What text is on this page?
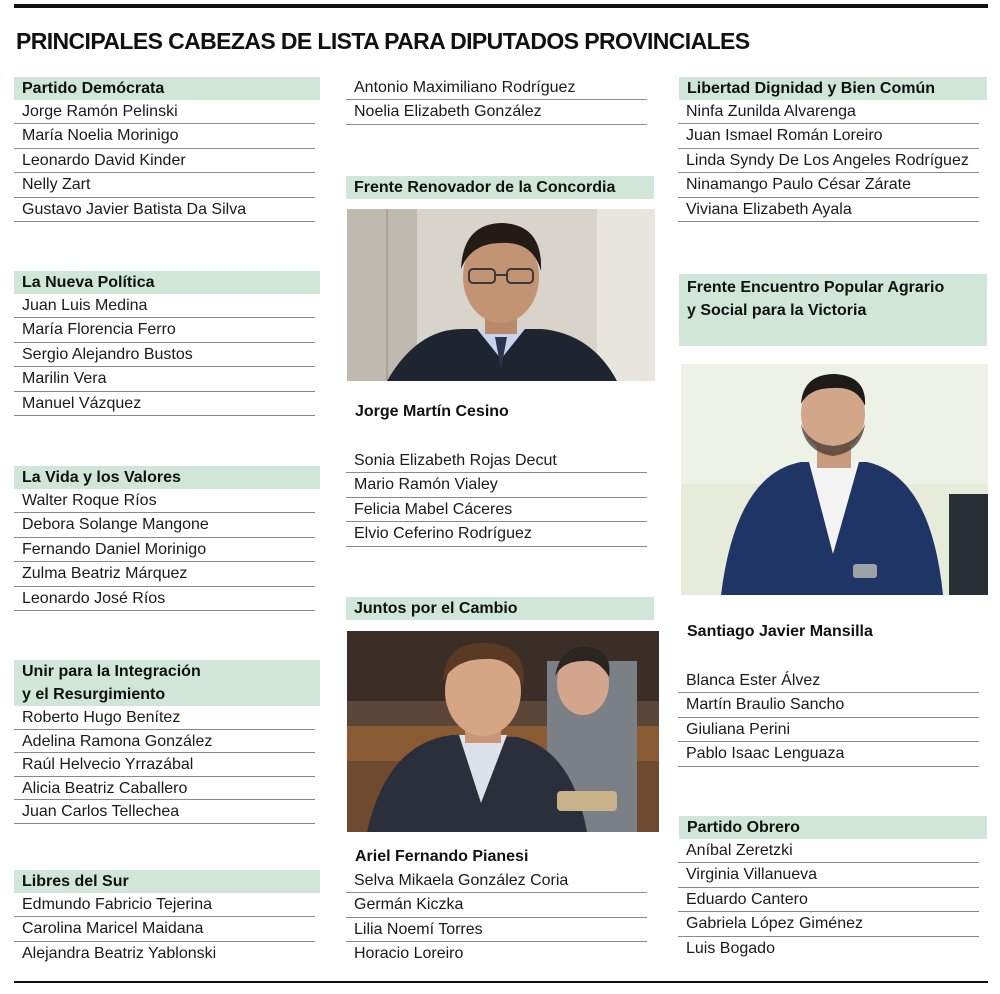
PRINCIPALES CABEZAS DE LISTA PARA DIPUTADOS PROVINCIALES
Partido Demócrata
Jorge Ramón Pelinski
María Noelia Morinigo
Leonardo David Kinder
Nelly Zart
Gustavo Javier Batista Da Silva
La Nueva Política
Juan Luis Medina
María Florencia Ferro
Sergio Alejandro Bustos
Marilin Vera
Manuel Vázquez
La Vida y los Valores
Walter Roque Ríos
Debora Solange Mangone
Fernando Daniel Morinigo
Zulma Beatriz Márquez
Leonardo José Ríos
Unir para la Integración
y el Resurgimiento
Roberto Hugo Benítez
Adelina Ramona González
Raúl Helvecio Yrrazábal
Alicia Beatriz Caballero
Juan Carlos Tellechea
Libres del Sur
Edmundo Fabricio Tejerina
Carolina Maricel Maidana
Alejandra Beatriz Yablonski
Antonio Maximiliano Rodríguez
Noelia Elizabeth González
Frente Renovador de la Concordia
Jorge Martín Cesino
Sonia Elizabeth Rojas Decut
Mario Ramón Vialey
Felicia Mabel Cáceres
Elvio Ceferino Rodríguez
Juntos por el Cambio
Ariel Fernando Pianesi
Selva Mikaela González Coria
Germán Kiczka
Lilia Noemí Torres
Horacio Loreiro
Libertad Dignidad y Bien Común
Ninfa Zunilda Alvarenga
Juan Ismael Román Loreiro
Linda Syndy De Los Angeles Rodríguez
Ninamango Paulo César Zárate
Viviana Elizabeth Ayala
Frente Encuentro Popular Agrario
y Social para la Victoria
Santiago Javier Mansilla
Blanca Ester Álvez
Martín Braulio Sancho
Giuliana Perini
Pablo Isaac Lenguaza
Partido Obrero
Aníbal Zeretzki
Virginia Villanueva
Eduardo Cantero
Gabriela López Giménez
Luis Bogado
